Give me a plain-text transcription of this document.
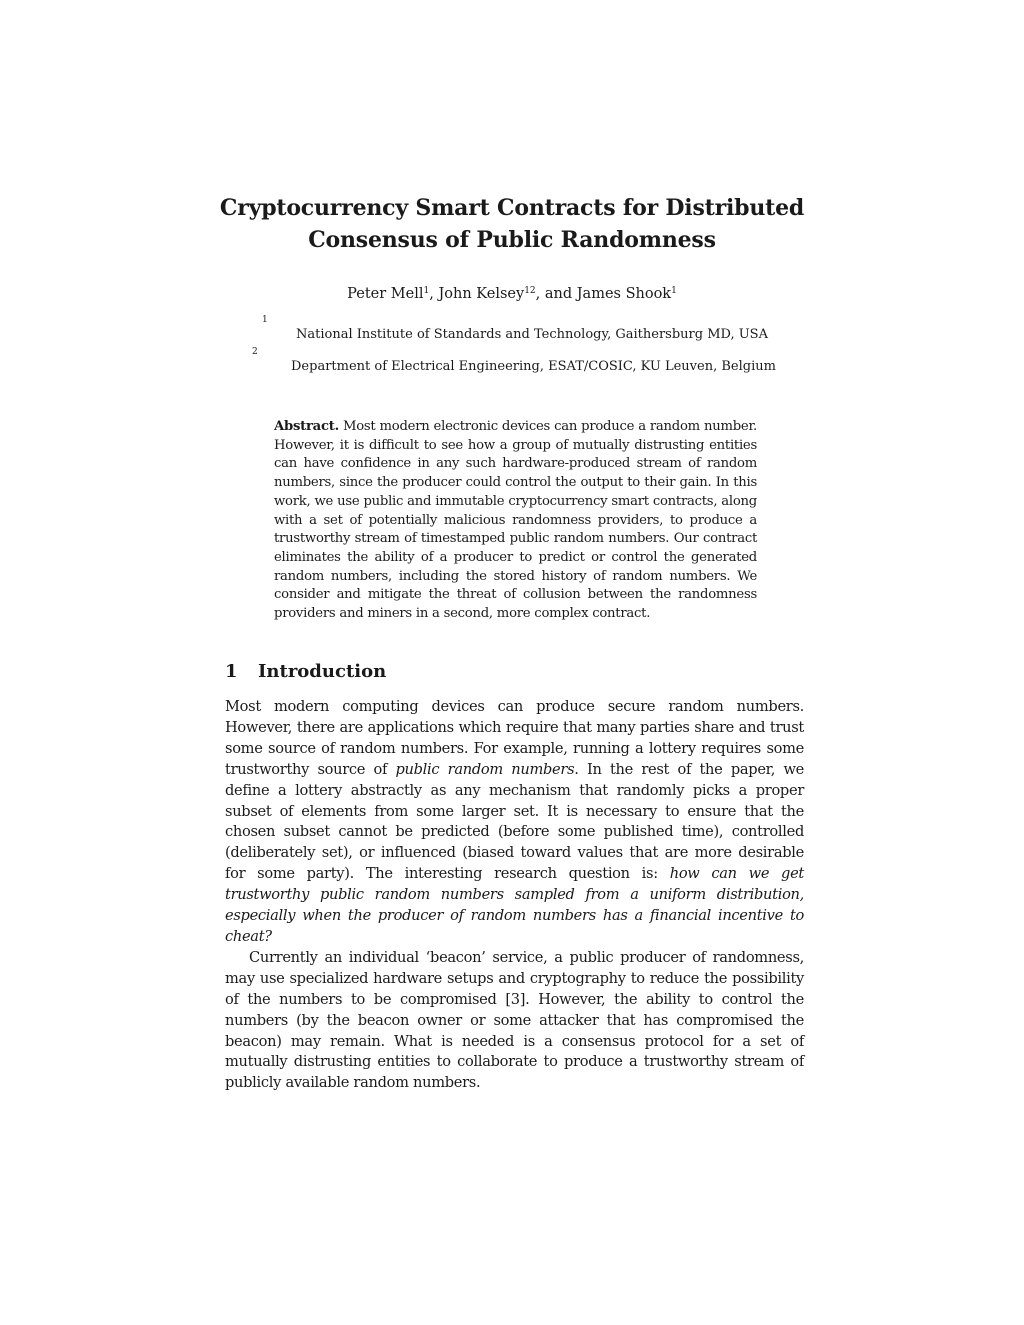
Cryptocurrency Smart Contracts for Distributed
Consensus of Public Randomness
Peter Mell$^1$, John Kelsey$^{12}$, and James Shook$^1$
1
National Institute of Standards and Technology, Gaithersburg MD, USA
2
Department of Electrical Engineering, ESAT/COSIC, KU Leuven, Belgium
Abstract. Most modern electronic devices can produce a random number. However, it is difficult to see how a group of mutually distrusting entities can have confidence in any such hardware-produced stream of random numbers, since the producer could control the output to their gain. In this work, we use public and immutable cryptocurrency smart contracts, along with a set of potentially malicious randomness providers, to produce a trustworthy stream of timestamped public random numbers. Our contract eliminates the ability of a producer to predict or control the generated random numbers, including the stored history of random numbers. We consider and mitigate the threat of collusion between the randomness providers and miners in a second, more complex contract.
1 Introduction

Most modern computing devices can produce secure random numbers. However, there are applications which require that many parties share and trust some source of random numbers. For example, running a lottery requires some trustworthy source of public random numbers. In the rest of the paper, we define a lottery abstractly as any mechanism that randomly picks a proper subset of elements from some larger set. It is necessary to ensure that the chosen subset cannot be predicted (before some published time), controlled (deliberately set), or influenced (biased toward values that are more desirable for some party). The interesting research question is: how can we get trustworthy public random numbers sampled from a uniform distribution, especially when the producer of random numbers has a financial incentive to cheat?

Currently an individual ‘beacon’ service, a public producer of randomness, may use specialized hardware setups and cryptography to reduce the possibility of the numbers to be compromised [3]. However, the ability to control the numbers (by the beacon owner or some attacker that has compromised the beacon) may remain. What is needed is a consensus protocol for a set of mutually distrusting entities to collaborate to produce a trustworthy stream of publicly available random numbers.
